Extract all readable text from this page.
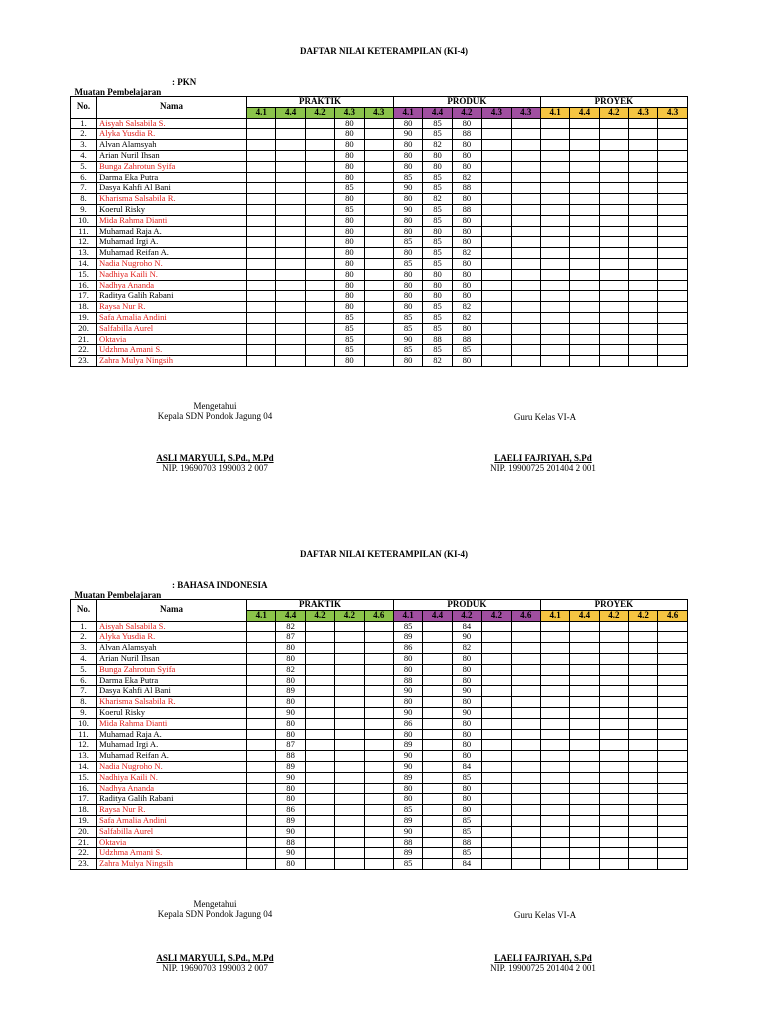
DAFTAR NILAI KETERAMPILAN (KI-4)

Muatan Pembelajaran

: PKN

No.	Nama	PRAKTIK					PRODUK					PROYEK				
		4.1	4.4	4.2	4.3	4.3	4.1	4.4	4.2	4.3	4.3	4.1	4.4	4.2	4.3	4.3
1.	Aisyah Salsabila S.				80		80	85	80							
2.	Alyka Yusdia R.				80		90	85	88							
3.	Alvan Alamsyah				80		80	82	80							
4.	Arian Nuril Ihsan				80		80	80	80							
5.	Bunga Zahrotun Syifa				80		80	80	80							
6.	Darma Eka Putra				80		85	85	82							
7.	Dasya Kahfi Al Bani				85		90	85	88							
8.	Kharisma Salsabila R.				80		80	82	80							
9.	Koerul Risky				85		90	85	88							
10.	Mida Rahma Dianti				80		80	85	80							
11.	Muhamad Raja A.				80		80	80	80							
12.	Muhamad Irgi A.				80		85	85	80							
13.	Muhamad Reifan A.				80		80	85	82							
14.	Nadia Nugroho N.				80		85	85	80							
15.	Nadhiya Kaili N.				80		80	80	80							
16.	Nadhya Ananda				80		80	80	80							
17.	Raditya Galih Rabani				80		80	80	80							
18.	Raysa Nur R.				80		80	85	82							
19.	Safa Amalia Andini				85		85	85	82							
20.	Salfabilla Aurel				85		85	85	80							
21.	Oktavia				85		90	88	88							
22.	Udzhma Amani S.				85		85	85	85							
23.	Zahra Mulya Ningsih				80		80	82	80							
Mengetahui
Kepala SDN Pondok Jagung 04
ASLI MARYULI, S.Pd., M.Pd
NIP. 19690703 199003 2 007
Guru Kelas VI-A
LAELI FAJRIYAH, S.Pd
NIP. 19900725 201404 2 001
DAFTAR NILAI KETERAMPILAN (KI-4)

Muatan Pembelajaran

: BAHASA INDONESIA

No.	Nama	PRAKTIK					PRODUK					PROYEK				
		4.1	4.4	4.2	4.2	4.6	4.1	4.4	4.2	4.2	4.6	4.1	4.4	4.2	4.2	4.6
1.	Aisyah Salsabila S.		82				85		84							
2.	Alyka Yusdia R.		87				89		90							
3.	Alvan Alamsyah		80				86		82							
4.	Arian Nuril Ihsan		80				80		80							
5.	Bunga Zahrotun Syifa		82				80		80							
6.	Darma Eka Putra		80				88		80							
7.	Dasya Kahfi Al Bani		89				90		90							
8.	Kharisma Salsabila R.		80				80		80							
9.	Koerul Risky		90				90		90							
10.	Mida Rahma Dianti		80				86		80							
11.	Muhamad Raja A.		80				80		80							
12.	Muhamad Irgi A.		87				89		80							
13.	Muhamad Reifan A.		88				90		80							
14.	Nadia Nugroho N.		89				90		84							
15.	Nadhiya Kaili N.		90				89		85							
16.	Nadhya Ananda		80				80		80							
17.	Raditya Galih Rabani		80				80		80							
18.	Raysa Nur R.		86				85		80							
19.	Safa Amalia Andini		89				89		85							
20.	Salfabilla Aurel		90				90		85							
21.	Oktavia		88				88		88							
22.	Udzhma Amani S.		90				89		85							
23.	Zahra Mulya Ningsih		80				85		84							
Mengetahui
Kepala SDN Pondok Jagung 04
ASLI MARYULI, S.Pd., M.Pd
NIP. 19690703 199003 2 007
Guru Kelas VI-A
LAELI FAJRIYAH, S.Pd
NIP. 19900725 201404 2 001
